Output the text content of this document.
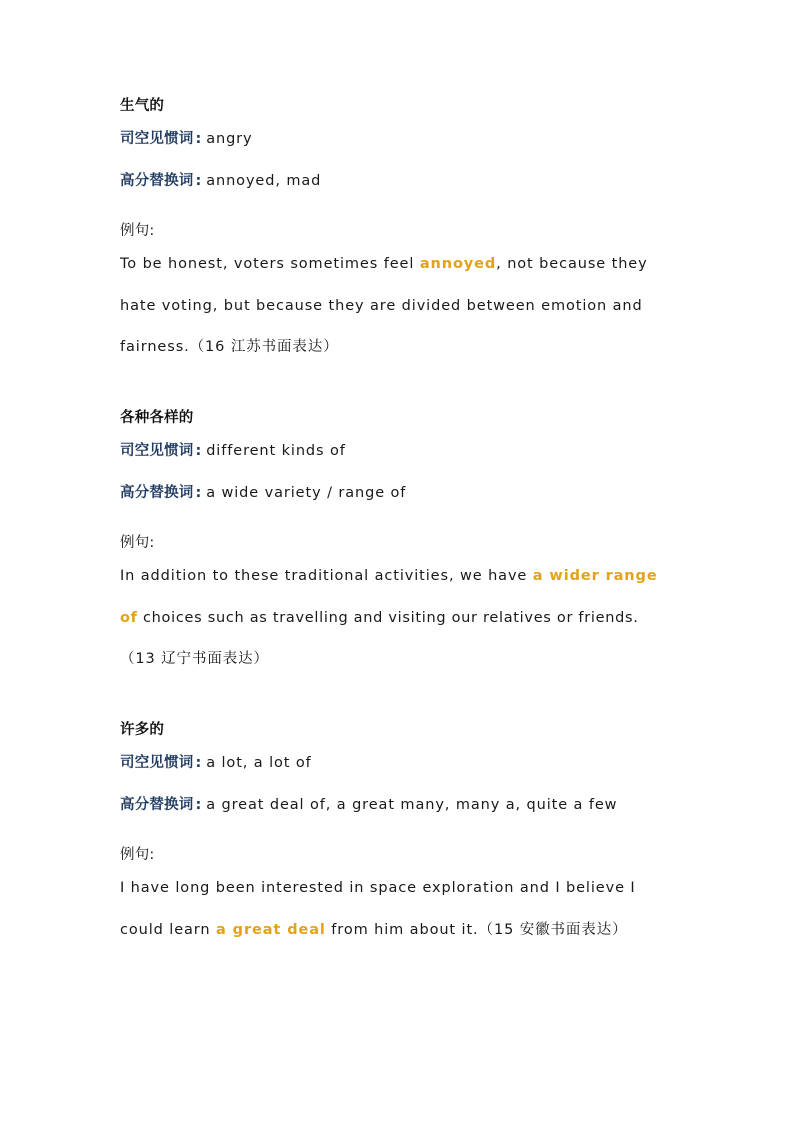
生气的
司空见惯词 : angry
高分替换词 : annoyed, mad
例句:
To be honest, voters sometimes feel annoyed, not because they
hate voting, but because they are divided between emotion and
fairness.（16 江苏书面表达）
各种各样的
司空见惯词 : different kinds of
高分替换词 : a wide variety / range of
例句:
In addition to these traditional activities, we have a wider range
of choices such as travelling and visiting our relatives or friends.
（13 辽宁书面表达）
许多的
司空见惯词 : a lot, a lot of
高分替换词 : a great deal of, a great many, many a, quite a few
例句:
I have long been interested in space exploration and I believe I
could learn a great deal from him about it.（15 安徽书面表达）
